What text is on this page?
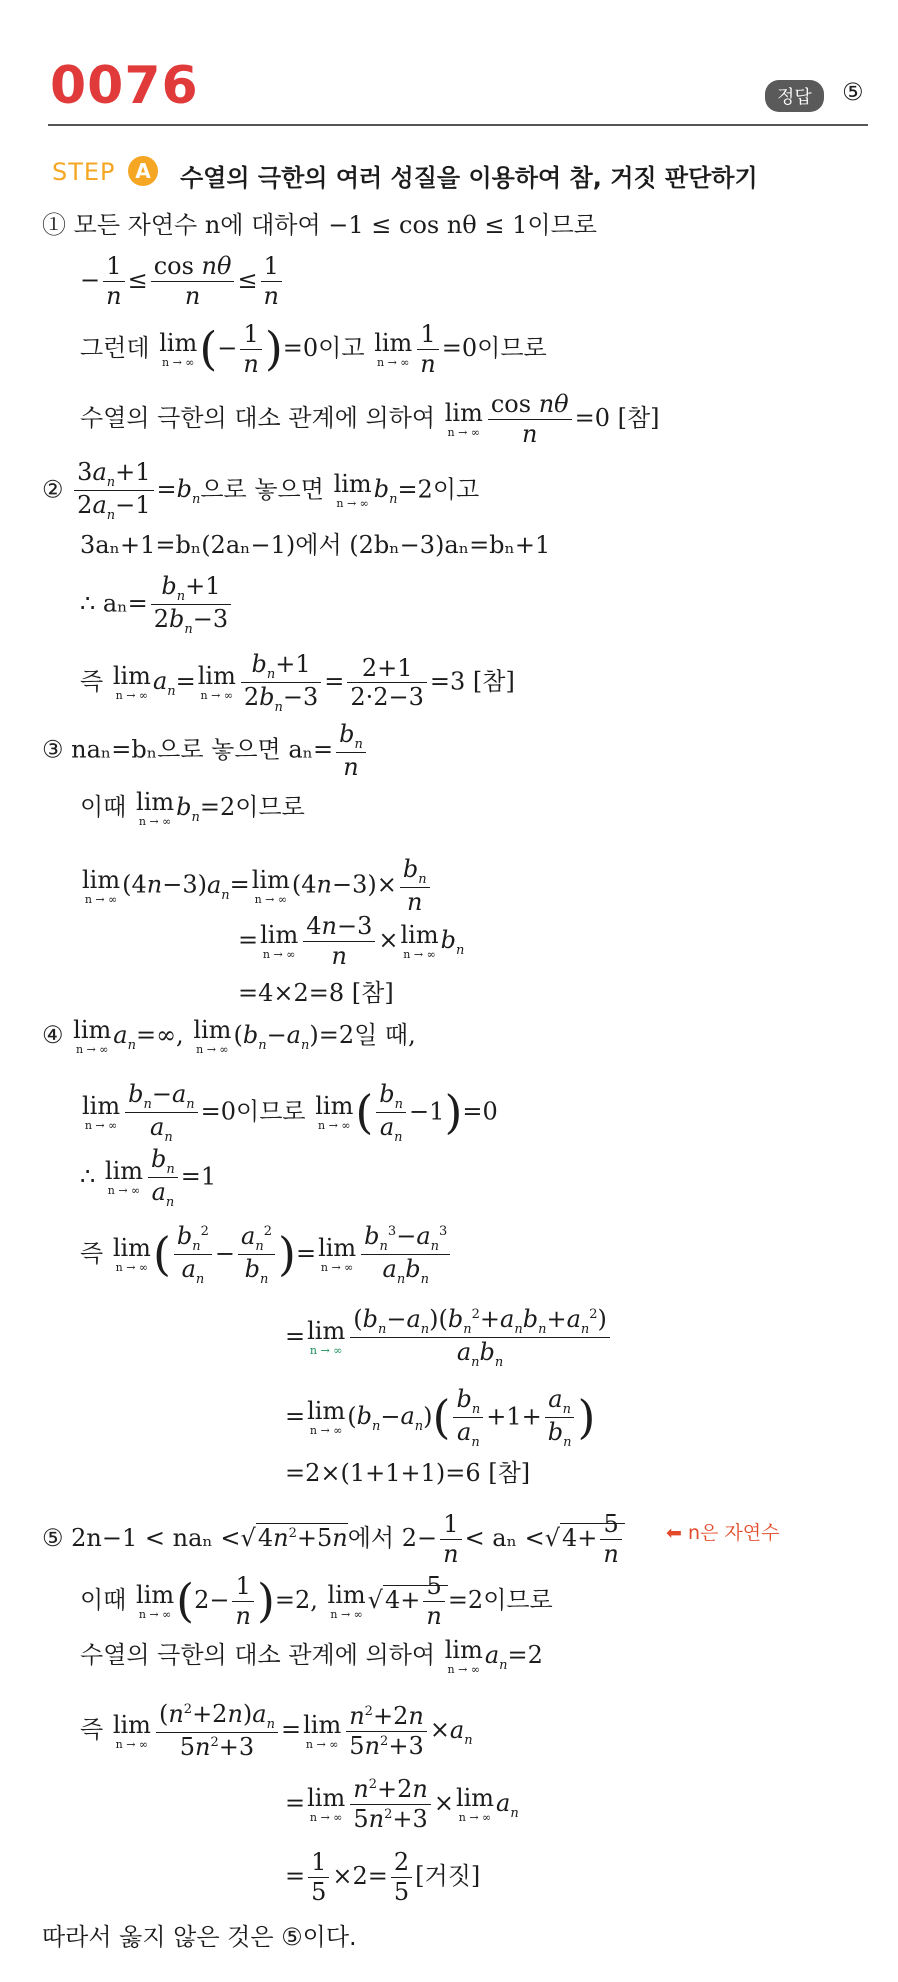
0076	정답	⑤
STEP A	수열의 극한의 여러 성질을 이용하여 참, 거짓 판단하기
① 모든 자연수 n에 대하여 −1 ≤ cos nθ ≤ 1이므로
− $\frac{1}{n} \le \frac{\text{cos nθ}}{n} \le \frac{1}{n}$
그런데 lim
n → ∞ (− $\frac{1}{n} )=0$이고 lim
n → ∞ $\frac{1}{n} =0$이므로
수열의 극한의 대소 관계에 의하여 lim
n → ∞ $\frac{\text{cos nθ}}{n} =0$ [참]
② $\frac{3a_n+1}{2a_n-1} =b_n$으로 놓으면 lim
n → ∞
$b_n=2$이고
3aₙ+1=bₙ(2aₙ−1)에서 (2bₙ−3)aₙ=bₙ+1
∴ $a_n= \frac{b_n+1}{2b_n-3}$
즉 lim
n → ∞
$a_n= \lim$
n → ∞ $\frac{b_n+1}{2b_n-3} = \frac{2+1}{2\cdot 2-3} =3$ [참]
③ naₙ=bₙ으로 놓으면 $a_n= \frac{b_n}{n}$
이때 lim
n → ∞
$b_n=2$이므로
lim
n → ∞
$(4n-3)a_n= \lim$
n → ∞
$(4n-3)\times \frac{b_n}{n}$
= lim
n → ∞ $\frac{4n-3}{n} \times \lim$
n → ∞
$b_n$
=4×2=8 [참]
④ lim
n → ∞
$a_n=\infty$, lim
n → ∞
$(b_n-a_n)=2$일 때,
lim
n → ∞ $\frac{b_n-a_n}{a_n} =0$이므로 lim
n → ∞ ( $\frac{b_n}{a_n} -1)=0$
∴ lim
n → ∞ $\frac{b_n}{a_n} =1$
즉 lim
n → ∞ ( $\frac{b_n^2}{a_n} - \frac{a_n^2}{b_n}$ )= lim
n → ∞
$b_n^3-a_n^3$
$a_nb_n$
= lim
n → ∞
$(b_n-a_n)(b_n^2+a_nb_n+a_n^2)$
$a_nb_n$
= lim
n → ∞
$(b_n-a_n)( \frac{b_n}{a_n} +1+ \frac{a_n}{b_n}$ )
=2×(1+1+1)=6 [참]
⑤ $2n-1 < na_n <√4n^2+5n$에서 $2- \frac{1}{n} < a_n <√4+ \frac{5}{n}$ ⬅ n은 자연수
이때 lim
n → ∞ $(2- \frac{1}{n} )=2$, lim
n → ∞
$√4+ \frac{5}{n} =2$이므로
수열의 극한의 대소 관계에 의하여 lim
n → ∞
$a_n=2$
즉 lim
n → ∞ $\frac{(n^2+2n)a_n}{5n^2+3} = \lim$
n → ∞ $\frac{n^2+2n}{5n^2+3} \times a_n$
= lim
n → ∞ $\frac{n^2+2n}{5n^2+3} \times \lim$
n → ∞
$a_n$
= $\frac{1}{5} \times 2= \frac{2}{5}$ [거짓]
따라서 옳지 않은 것은 ⑤이다.
